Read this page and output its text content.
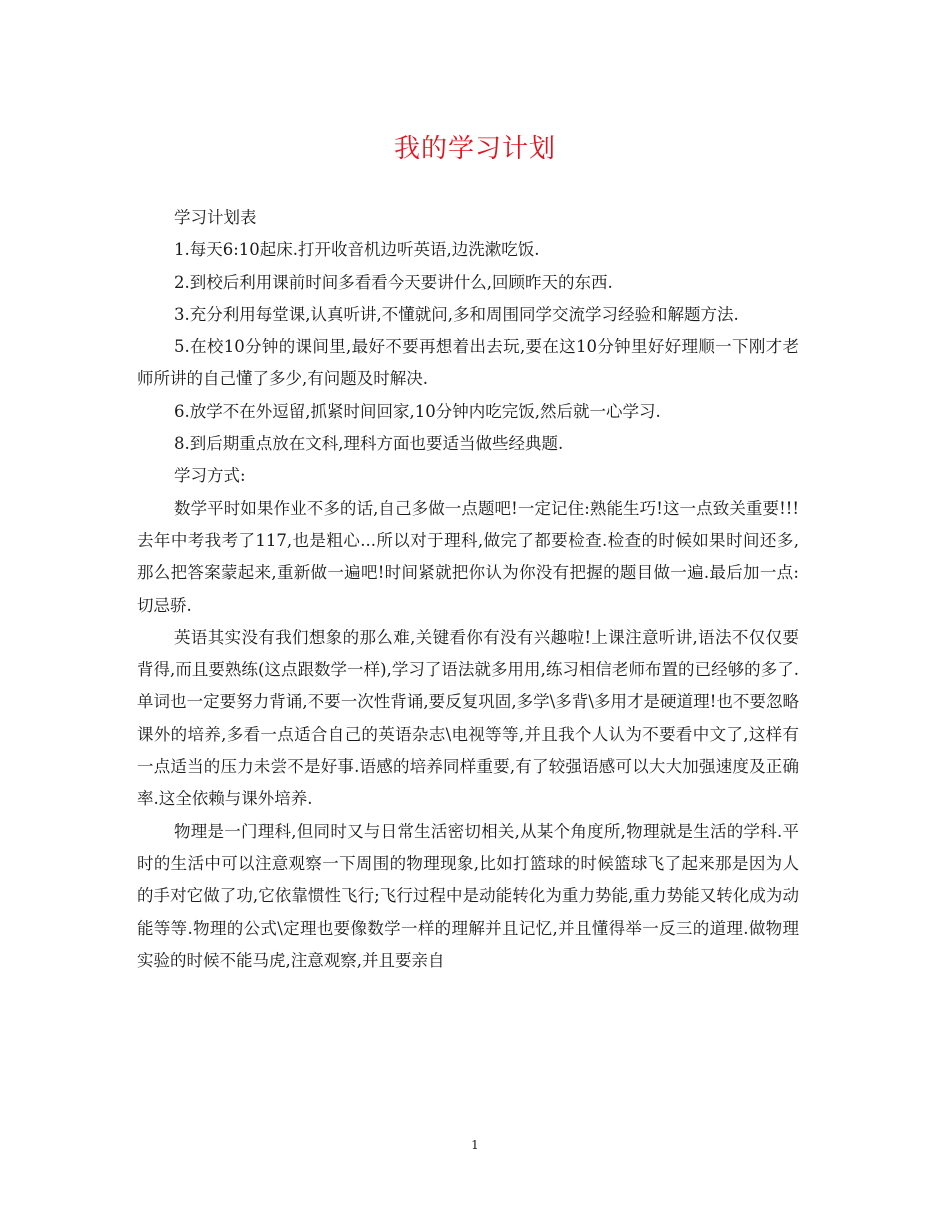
我的学习计划

学习计划表

1.每天6:10起床.打开收音机边听英语,边洗漱吃饭.

2.到校后利用课前时间多看看今天要讲什么,回顾昨天的东西.

3.充分利用每堂课,认真听讲,不懂就问,多和周围同学交流学习经验和解题方法.

5.在校10分钟的课间里,最好不要再想着出去玩,要在这10分钟里好好理顺一下刚才老师所讲的自己懂了多少,有问题及时解决.

6.放学不在外逗留,抓紧时间回家,10分钟内吃完饭,然后就一心学习.

8.到后期重点放在文科,理科方面也要适当做些经典题.

学习方式:

数学平时如果作业不多的话,自己多做一点题吧!一定记住:熟能生巧!这一点致关重要!!!去年中考我考了117,也是粗心...所以对于理科,做完了都要检查.检查的时候如果时间还多,那么把答案蒙起来,重新做一遍吧!时间紧就把你认为你没有把握的题目做一遍.最后加一点:切忌骄.

英语其实没有我们想象的那么难,关键看你有没有兴趣啦!上课注意听讲,语法不仅仅要背得,而且要熟练(这点跟数学一样),学习了语法就多用用,练习相信老师布置的已经够的多了.单词也一定要努力背诵,不要一次性背诵,要反复巩固,多学\多背\多用才是硬道理!也不要忽略课外的培养,多看一点适合自己的英语杂志\电视等等,并且我个人认为不要看中文了,这样有一点适当的压力未尝不是好事.语感的培养同样重要,有了较强语感可以大大加强速度及正确率.这全依赖与课外培养.

物理是一门理科,但同时又与日常生活密切相关,从某个角度所,物理就是生活的学科.平时的生活中可以注意观察一下周围的物理现象,比如打篮球的时候篮球飞了起来那是因为人的手对它做了功,它依靠惯性飞行;飞行过程中是动能转化为重力势能,重力势能又转化成为动能等等.物理的公式\定理也要像数学一样的理解并且记忆,并且懂得举一反三的道理.做物理实验的时候不能马虎,注意观察,并且要亲自

1
